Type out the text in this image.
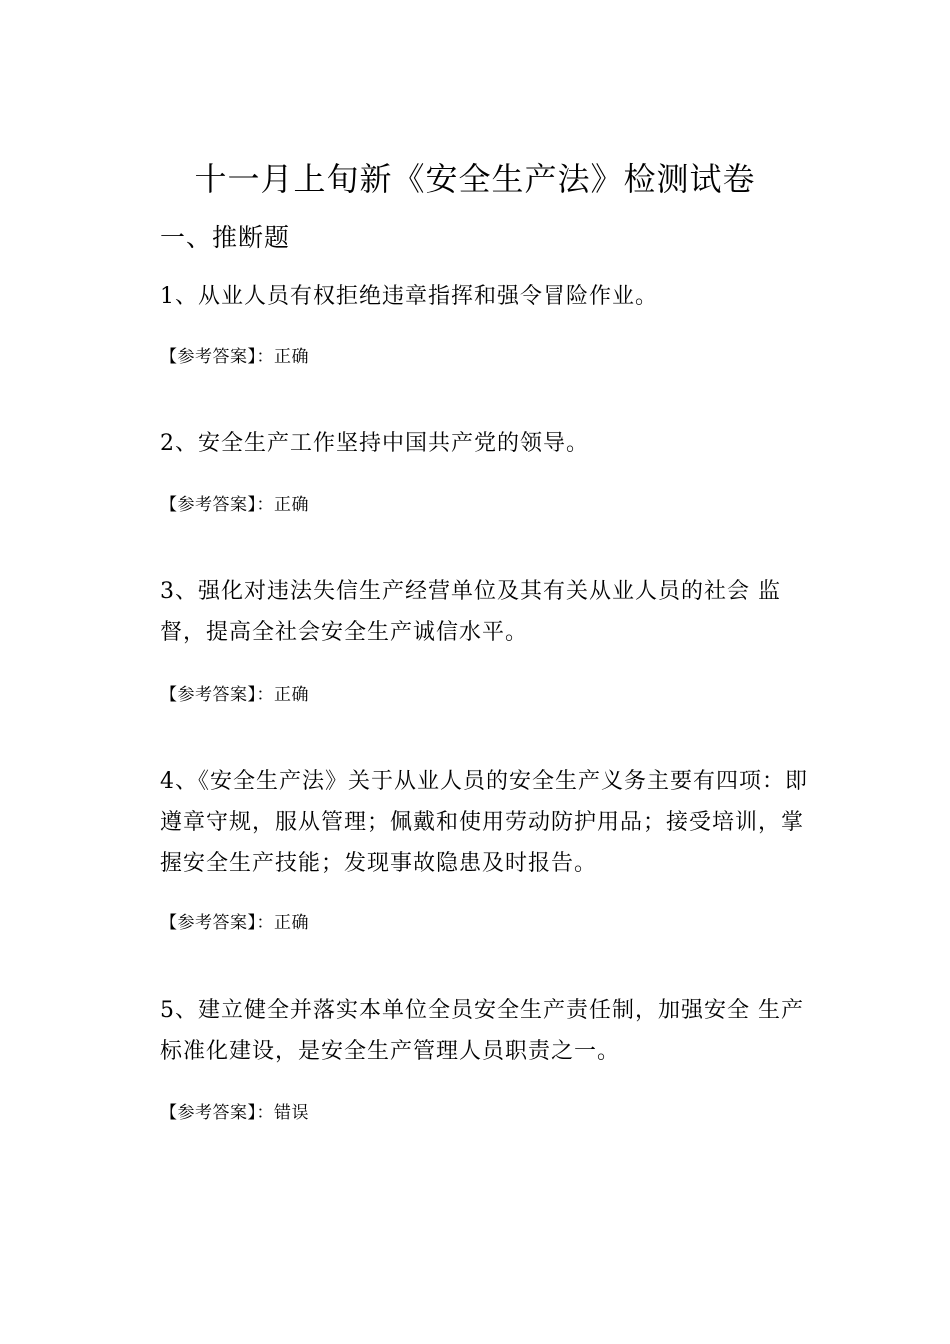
十一月上旬新《安全生产法》检测试卷
一、推断题
1、从业人员有权拒绝违章指挥和强令冒险作业。
【参考答案】：正确
2、安全生产工作坚持中国共产党的领导。
【参考答案】：正确
3、强化对违法失信生产经营单位及其有关从业人员的社会 监督，提高全社会安全生产诚信水平。
【参考答案】：正确
4、《安全生产法》关于从业人员的安全生产义务主要有四项：即遵章守规，服从管理；佩戴和使用劳动防护用品；接受培训，掌握安全生产技能；发现事故隐患及时报告。
【参考答案】：正确
5、建立健全并落实本单位全员安全生产责任制，加强安全 生产标准化建设，是安全生产管理人员职责之一。
【参考答案】：错误
